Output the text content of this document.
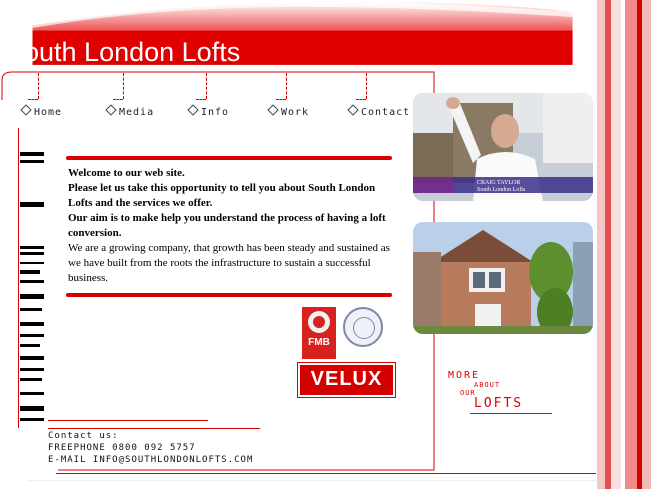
South London Lofts
Home	Media	Info	Work	Contact
Welcome to our web site.
Please let us take this opportunity to tell you about South London Lofts and the services we offer.
Our aim is to make help you understand the process of having a loft conversion.
We are a growing company, that growth has been steady and sustained as we have built from the roots the infrastructure to sustain a successful business.
FMB
VELUX
CRAIG TAYLOR
South London Lofts
MORE
ABOUT
OUR
LOFTS
Contact us:
FREEPHONE 0800 092 5757
E-MAIL INFO@SOUTHLONDONLOFTS.COM
